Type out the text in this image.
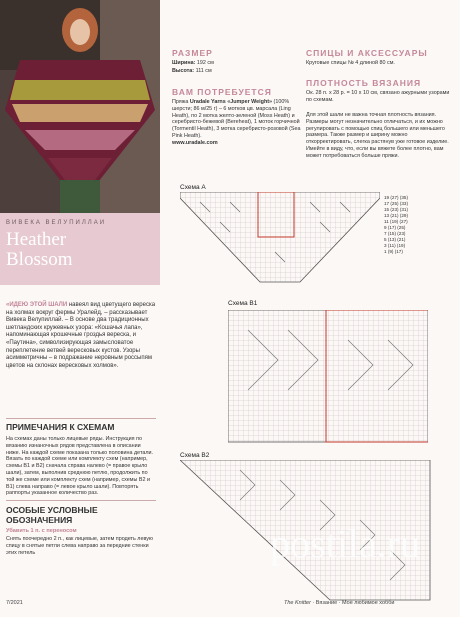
ВИВЕКА ВЕЛУПИЛЛАИ
Heather
Blossom
«ИДЕЮ ЭТОЙ ШАЛИ навеял вид цветущего вереска на холмах вокруг фермы Уралейд, – рассказывает Вивека Велупиллай. – В основе два традиционных шетландских кружевных узора: «Кошачья лапа», напоминающая крошечные гроздья вереска, и «Паутина», символизирующая замысловатое переплетение ветвей вересковых кустов. Узоры асимметричны – в подражание неровным россыпям цветов на склонах вересковых холмов».
ПРИМЕЧАНИЯ К СХЕМАМ
На схемах даны только лицевые ряды. Инструкция по вязанию изнаночных рядов представлена в описании ниже. На каждой схеме показана только половина детали. Вязать по каждой схеме или комплекту схем (например, схемы В1 и В2) сначала справа налево (= правое крыло шали), затем, выполнив среднюю петлю, продолжить по той же схеме или комплекту схем (например, схемы В2 и В1) слева направо (= левое крыло шали). Повторять раппорты указанное количество раз.
ОСОБЫЕ УСЛОВНЫЕ
ОБОЗНАЧЕНИЯ
Убавить 1 п. с переносом
Снять поочередно 2 п., как лицевые, затем продеть левую спицу в снятые петли слева направо за передние стенки этих петель
РАЗМЕР
Ширина: 192 см
Высота: 111 см
ВАМ ПОТРЕБУЕТСЯ
Пряжа Uradale Yarns «Jumper Weight» (100% шерсти; 86 м/25 г) – 6 мотков цв. марсала (Ling Heath), по 2 мотка желто-зеленой (Moss Heath) и серебристо-бежевой (Bereheat), 1 моток горчичной (Tormentil Heath), 3 мотка серебристо-розовой (Sea Pink Heath).
www.uradale.com
СПИЦЫ И АКСЕССУАРЫ
Круговые спицы № 4 длиной 80 см.
ПЛОТНОСТЬ ВЯЗАНИЯ
Ок. 28 п. х 28 р. = 10 х 10 см, связано ажурными узорами по схемам.
Для этой шали не важна точная плотность вязания. Размеры могут незначительно отличаться, и их можно регулировать с помощью спиц большего или меньшего размера. Также размер и ширину можно откорректировать, слегка растянув уже готовое изделие. Имейте в виду, что, если вы вяжете более плотно, вам может потребоваться больше пряжи.
Схема А
19 (27) (35)
17 (25) (33)
15 (23) (31)
13 (21) (29)
11 (19) (27)
9 (17) (25)
7 (15) (23)
5 (13) (21)
3 (11) (19)
1 (9) (17)
Схема В1
Схема В2
postila.ru
7/2021	The Knitter · Вязание · Моё любимое хобби
